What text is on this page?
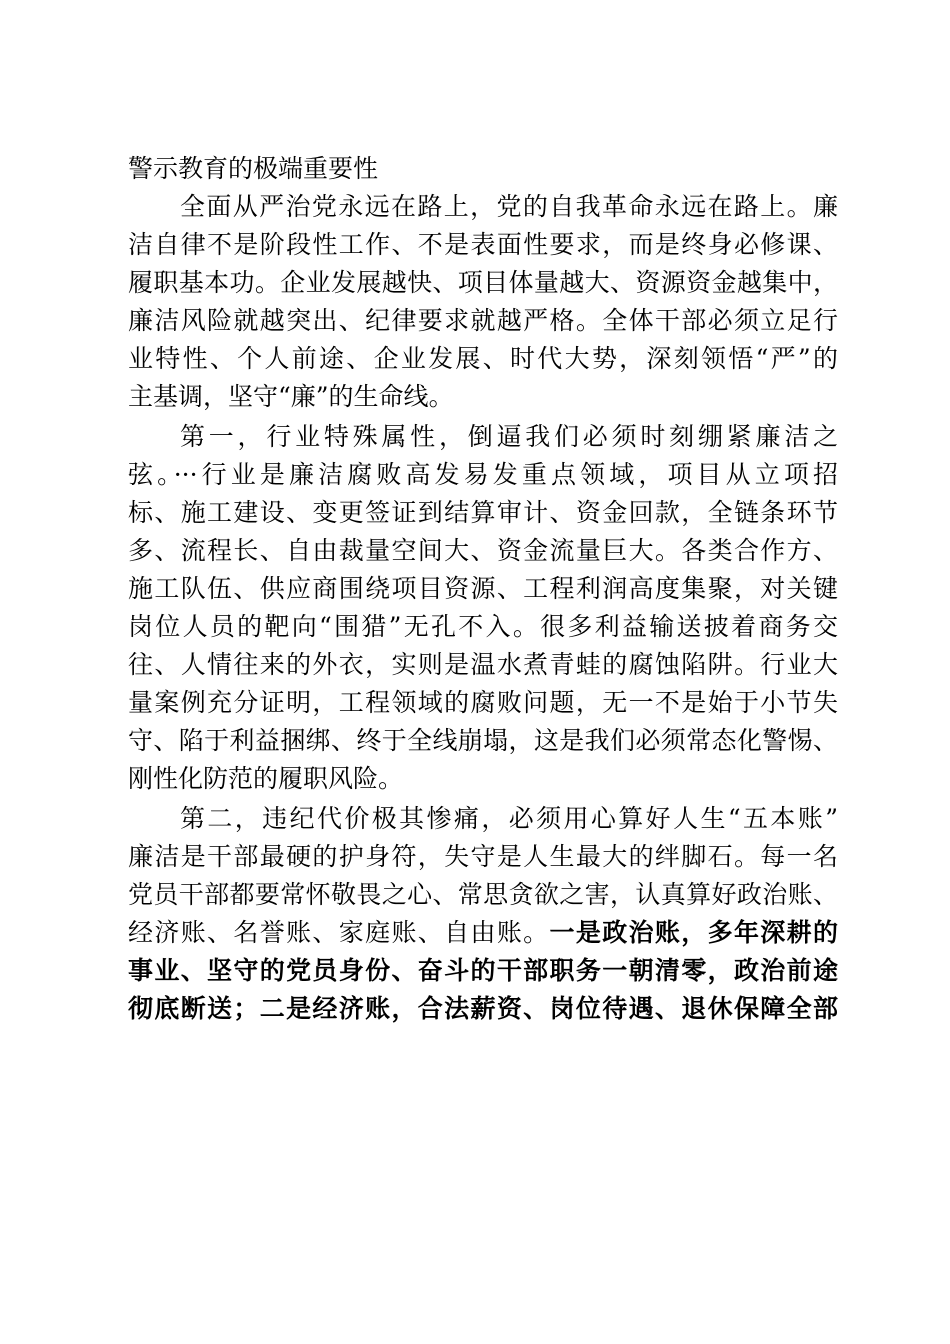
警示教育的极端重要性
全面从严治党永远在路上，党的自我革命永远在路上。廉
洁自律不是阶段性工作、不是表面性要求，而是终身必修课、
履职基本功。企业发展越快、项目体量越大、资源资金越集中，
廉洁风险就越突出、纪律要求就越严格。全体干部必须立足行
业特性、个人前途、企业发展、时代大势，深刻领悟“严”的
主基调，坚守“廉”的生命线。
第一，行业特殊属性，倒逼我们必须时刻绷紧廉洁之
弦。···行业是廉洁腐败高发易发重点领域，项目从立项招
标、施工建设、变更签证到结算审计、资金回款，全链条环节
多、流程长、自由裁量空间大、资金流量巨大。各类合作方、
施工队伍、供应商围绕项目资源、工程利润高度集聚，对关键
岗位人员的靶向“围猎”无孔不入。很多利益输送披着商务交
往、人情往来的外衣，实则是温水煮青蛙的腐蚀陷阱。行业大
量案例充分证明，工程领域的腐败问题，无一不是始于小节失
守、陷于利益捆绑、终于全线崩塌，这是我们必须常态化警惕、
刚性化防范的履职风险。
第二，违纪代价极其惨痛，必须用心算好人生“五本账”
廉洁是干部最硬的护身符，失守是人生最大的绊脚石。每一名
党员干部都要常怀敬畏之心、常思贪欲之害，认真算好政治账、
经济账、名誉账、家庭账、自由账。一是政治账，多年深耕的
事业、坚守的党员身份、奋斗的干部职务一朝清零，政治前途
彻底断送；二是经济账，合法薪资、岗位待遇、退休保障全部
